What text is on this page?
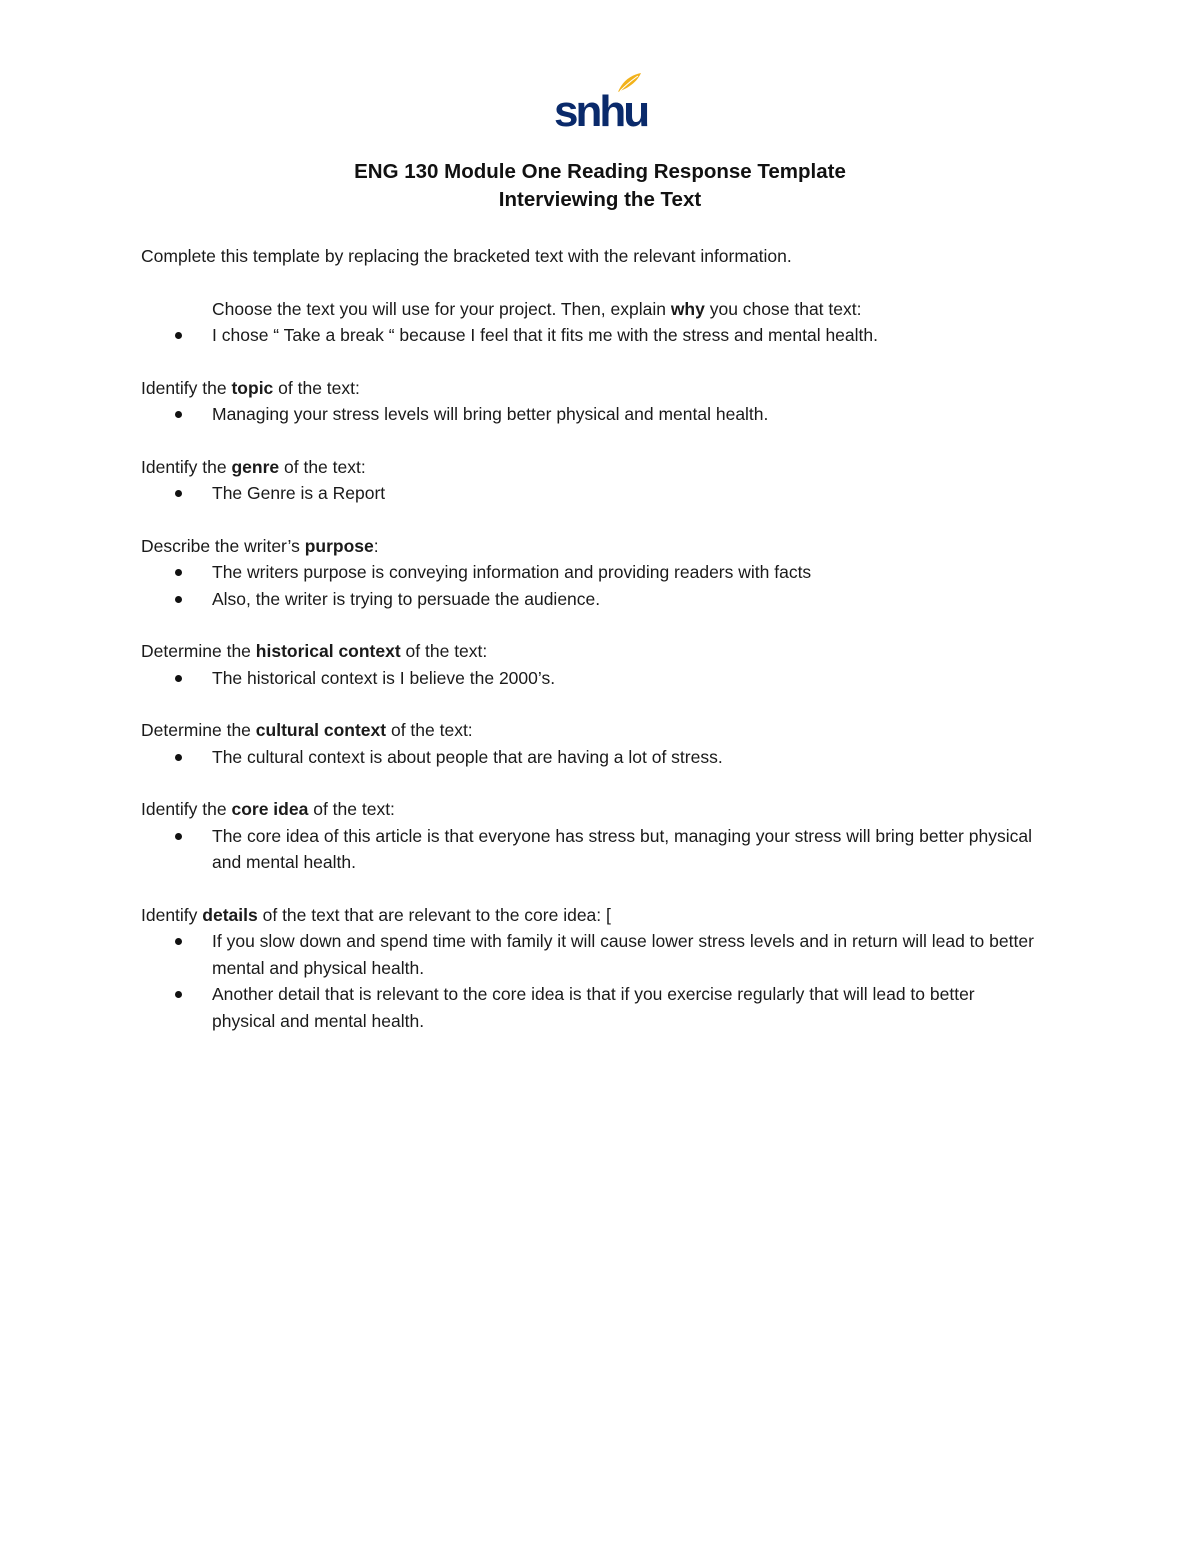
snhu
ENG 130 Module One Reading Response Template
Interviewing the Text

Complete this template by replacing the bracketed text with the relevant information.

Choose the text you will use for your project. Then, explain why you chose that text:

I chose “ Take a break “ because I feel that it fits me with the stress and mental health.

Identify the topic of the text:

Managing your stress levels will bring better physical and mental health.

Identify the genre of the text:

The Genre is a Report

Describe the writer’s purpose:

The writers purpose is conveying information and providing readers with facts
Also, the writer is trying to persuade the audience.

Determine the historical context of the text:

The historical context is I believe the 2000’s.

Determine the cultural context of the text:

The cultural context is about people that are having a lot of stress.

Identify the core idea of the text:

The core idea of this article is that everyone has stress but, managing your stress will bring better physical and mental health.

Identify details of the text that are relevant to the core idea: [

If you slow down and spend time with family it will cause lower stress levels and in return will lead to better mental and physical health.
Another detail that is relevant to the core idea is that if you exercise regularly that will lead to better physical and mental health.
